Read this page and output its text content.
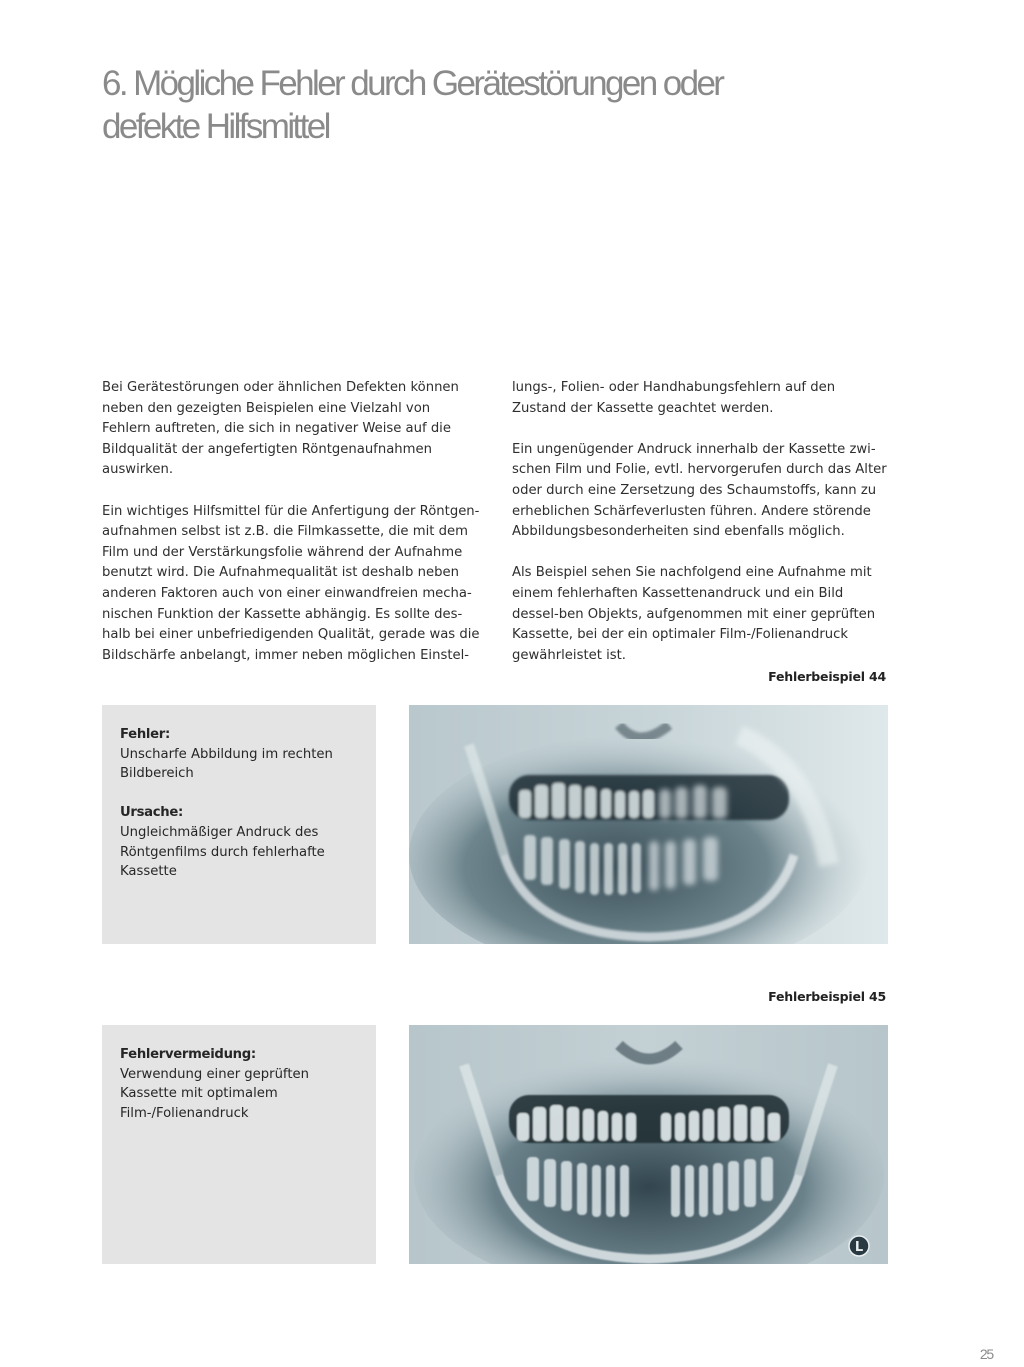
6. Mögliche Fehler durch Gerätestörungen oder
defekte Hilfsmittel

Bei Gerätestörungen oder ähnlichen Defekten können neben den gezeigten Beispielen eine Vielzahl von Fehlern auftreten, die sich in negativer Weise auf die Bildqualität der angefertigten Röntgenaufnahmen auswirken.

Ein wichtiges Hilfsmittel für die Anfertigung der Röntgen-aufnahmen selbst ist z.B. die Filmkassette, die mit dem Film und der Verstärkungsfolie während der Aufnahme benutzt wird. Die Aufnahmequalität ist deshalb neben anderen Faktoren auch von einer einwandfreien mecha-nischen Funktion der Kassette abhängig. Es sollte des-halb bei einer unbefriedigenden Qualität, gerade was die Bildschärfe anbelangt, immer neben möglichen Einstel-

lungs-, Folien- oder Handhabungsfehlern auf den Zustand der Kassette geachtet werden.

Ein ungenügender Andruck innerhalb der Kassette zwi-schen Film und Folie, evtl. hervorgerufen durch das Alter oder durch eine Zersetzung des Schaumstoffs, kann zu erheblichen Schärfeverlusten führen. Andere störende Abbildungsbesonderheiten sind ebenfalls möglich.

Als Beispiel sehen Sie nachfolgend eine Aufnahme mit einem fehlerhaften Kassettenandruck und ein Bild dessel-ben Objekts, aufgenommen mit einer geprüften Kassette, bei der ein optimaler Film-/Folienandruck gewährleistet ist.

Fehlerbeispiel 44
Fehler:
Unscharfe Abbildung im rechten Bildbereich
Ursache:
Ungleichmäßiger Andruck des Röntgenfilms durch fehlerhafte Kassette
Fehlerbeispiel 45
Fehlervermeidung:
Verwendung einer geprüften Kassette mit optimalem Film-/Folienandruck
L
25
